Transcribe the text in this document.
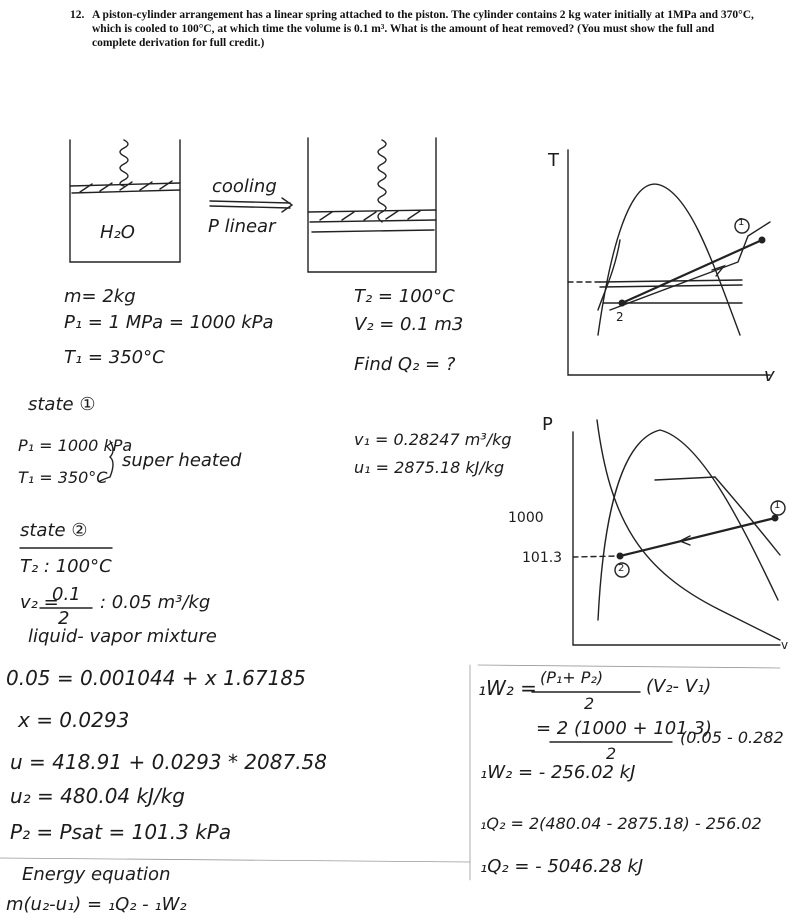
12. A piston-cylinder arrangement has a linear spring attached to the piston. The cylinder contains 2 kg water initially at 1MPa and 370°C, which is cooled to 100°C, at which time the volume is 0.1 m³. What is the amount of heat removed? (You must show the full and complete derivation for full credit.)
H₂O
cooling
P linear
m= 2kg
P₁ = 1 MPa = 1000 kPa
T₁ = 350°C
T₂ = 100°C
V₂ = 0.1 m3
Find Q₂ = ?
T
v
1
2
P
v
1000
101.3
1
2
state ①
P₁ = 1000 kPa
T₁ = 350°C
super heated
v₁ = 0.28247 m³/kg
u₁ = 2875.18 kJ/kg
state ②
T₂ : 100°C
v₂ =
0.1
2
: 0.05 m³/kg
liquid- vapor mixture
0.05 = 0.001044 + x 1.67185
x = 0.0293
u = 418.91 + 0.0293 * 2087.58
u₂ = 480.04 kJ/kg
P₂ = Psat = 101.3 kPa
Energy equation
m(u₂-u₁) = ₁Q₂ - ₁W₂
₁W₂ = (P₁+ P₂)
2
(V₂- V₁)
= 2 (1000 + 101.3)
2
(0.05 - 0.282
₁W₂ = - 256.02 kJ
₁Q₂ = 2(480.04 - 2875.18) - 256.02
₁Q₂ = - 5046.28 kJ
